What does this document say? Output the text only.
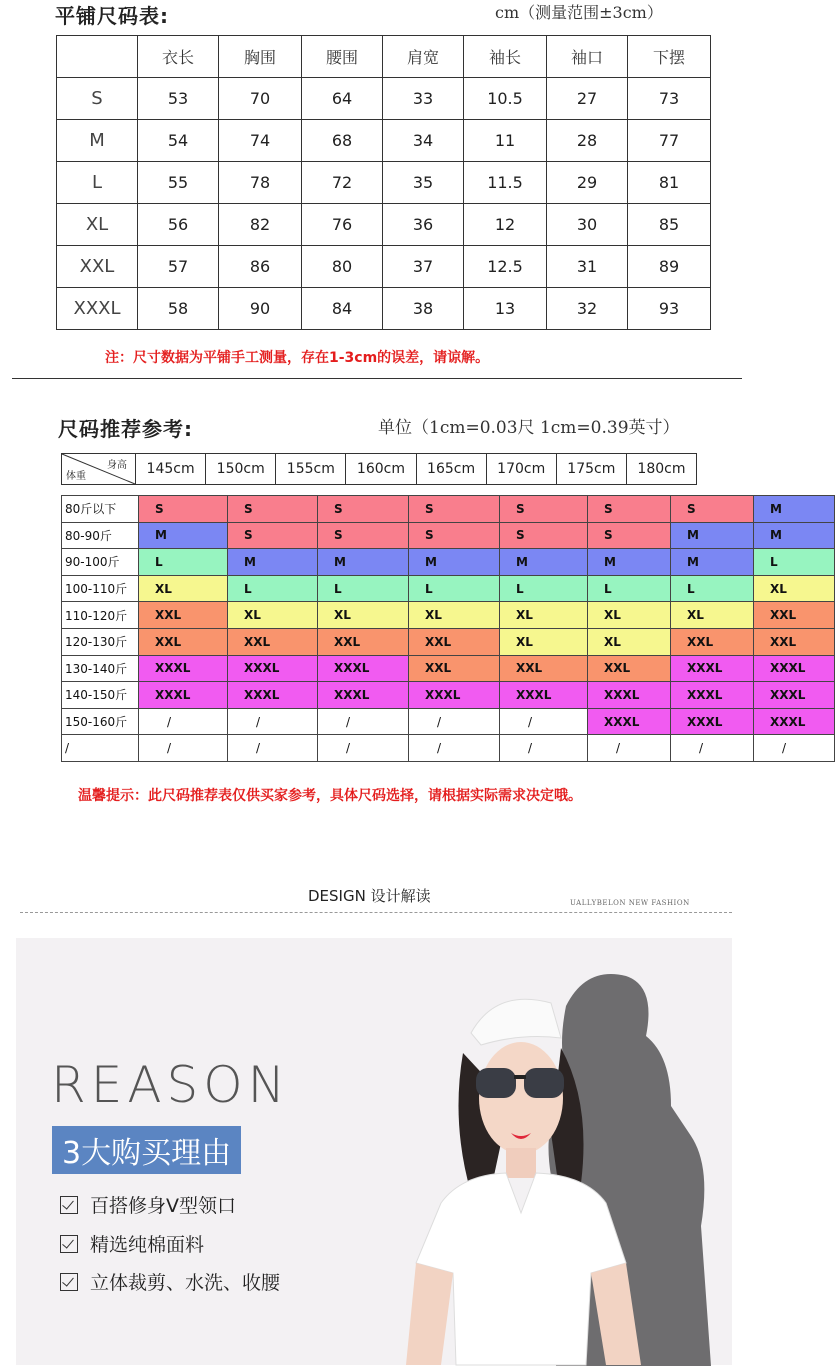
平铺尺码表:	cm（测量范围±3cm）
	衣长	胸围	腰围	肩宽	袖长	袖口	下摆
S	53	70	64	33	10.5	27	73
M	54	74	68	34	11	28	77
L	55	78	72	35	11.5	29	81
XL	56	82	76	36	12	30	85
XXL	57	86	80	37	12.5	31	89
XXXL	58	90	84	38	13	32	93
注：尺寸数据为平铺手工测量，存在1-3cm的误差，请谅解。
尺码推荐参考:	单位（1cm=0.03尺 1cm=0.39英寸）
身高
体重	145cm	150cm	155cm	160cm	165cm	170cm	175cm	180cm
80斤以下	S	S	S	S	S	S	S	M
80-90斤	M	S	S	S	S	S	M	M
90-100斤	L	M	M	M	M	M	M	L
100-110斤	XL	L	L	L	L	L	L	XL
110-120斤	XXL	XL	XL	XL	XL	XL	XL	XXL
120-130斤	XXL	XXL	XXL	XXL	XL	XL	XXL	XXL
130-140斤	XXXL	XXXL	XXXL	XXL	XXL	XXL	XXXL	XXXL
140-150斤	XXXL	XXXL	XXXL	XXXL	XXXL	XXXL	XXXL	XXXL
150-160斤	/	/	/	/	/	XXXL	XXXL	XXXL
/	/	/	/	/	/	/	/	/
温馨提示：此尺码推荐表仅供买家参考，具体尺码选择，请根据实际需求决定哦。
DESIGN 设计解读	UALLYBELON NEW FASHION
REASON
3大购买理由
百搭修身V型领口
精选纯棉面料
立体裁剪、水洗、收腰
